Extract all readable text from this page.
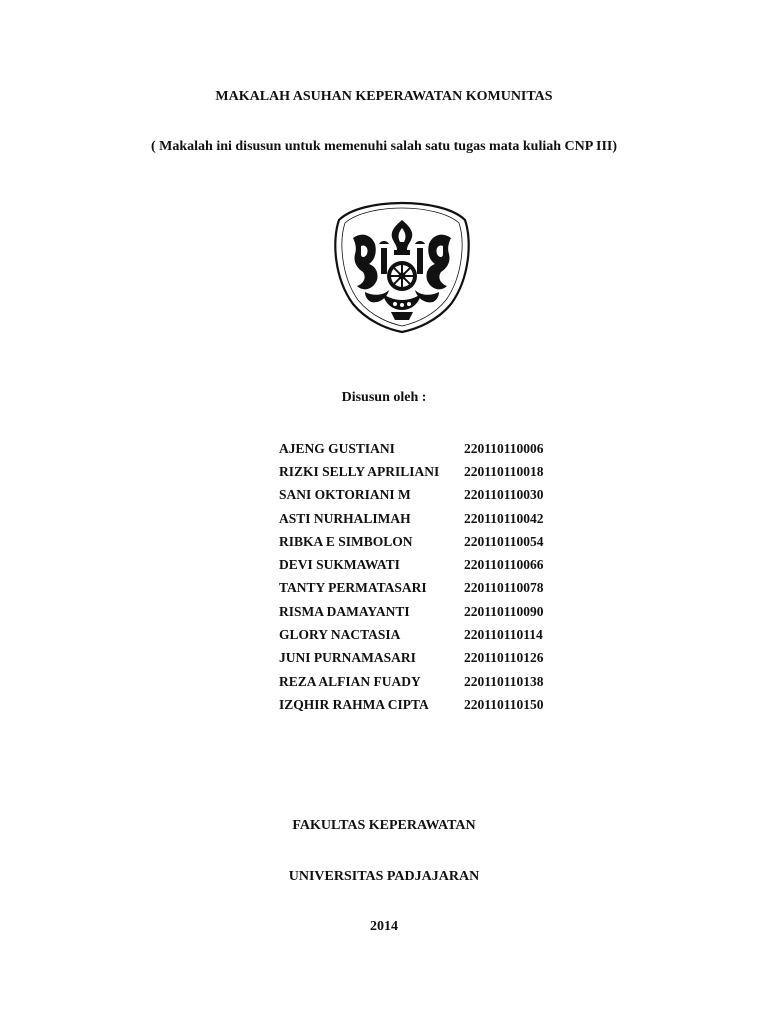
MAKALAH ASUHAN KEPERAWATAN KOMUNITAS
( Makalah ini disusun untuk memenuhi salah satu tugas mata kuliah CNP III)
Disusun oleh :
AJENG GUSTIANI	220110110006
RIZKI SELLY APRILIANI	220110110018
SANI OKTORIANI M	220110110030
ASTI NURHALIMAH	220110110042
RIBKA E SIMBOLON	220110110054
DEVI SUKMAWATI	220110110066
TANTY PERMATASARI	220110110078
RISMA DAMAYANTI	220110110090
GLORY NACTASIA	220110110114
JUNI PURNAMASARI	220110110126
REZA ALFIAN FUADY	220110110138
IZQHIR RAHMA CIPTA	220110110150
FAKULTAS KEPERAWATAN
UNIVERSITAS PADJAJARAN
2014
